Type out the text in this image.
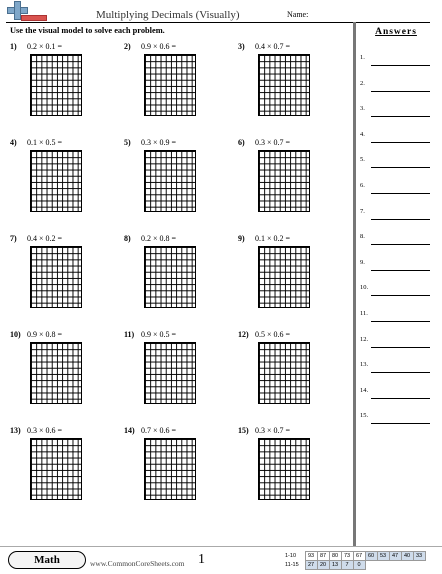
Multiplying Decimals (Visually)	Name:
Use the visual model to solve each problem.
1) 0.2 × 0.1 =	2) 0.9 × 0.6 =	3) 0.4 × 0.7 =
4) 0.1 × 0.5 =	5) 0.3 × 0.9 =	6) 0.3 × 0.7 =
7) 0.4 × 0.2 =	8) 0.2 × 0.8 =	9) 0.1 × 0.2 =
10) 0.9 × 0.8 =	11) 0.9 × 0.5 =	12) 0.5 × 0.6 =
13) 0.3 × 0.6 =	14) 0.7 × 0.6 =	15) 0.3 × 0.7 =
Answers
1.
2.
3.
4.
5.
6.
7.
8.
9.
10.
11.
12.
13.
14.
15.
Math	www.CommonCoreSheets.com 1	1-10	93	87	80	73	67	60	53	47	40	33
11-15	27	20	13	7	0					
